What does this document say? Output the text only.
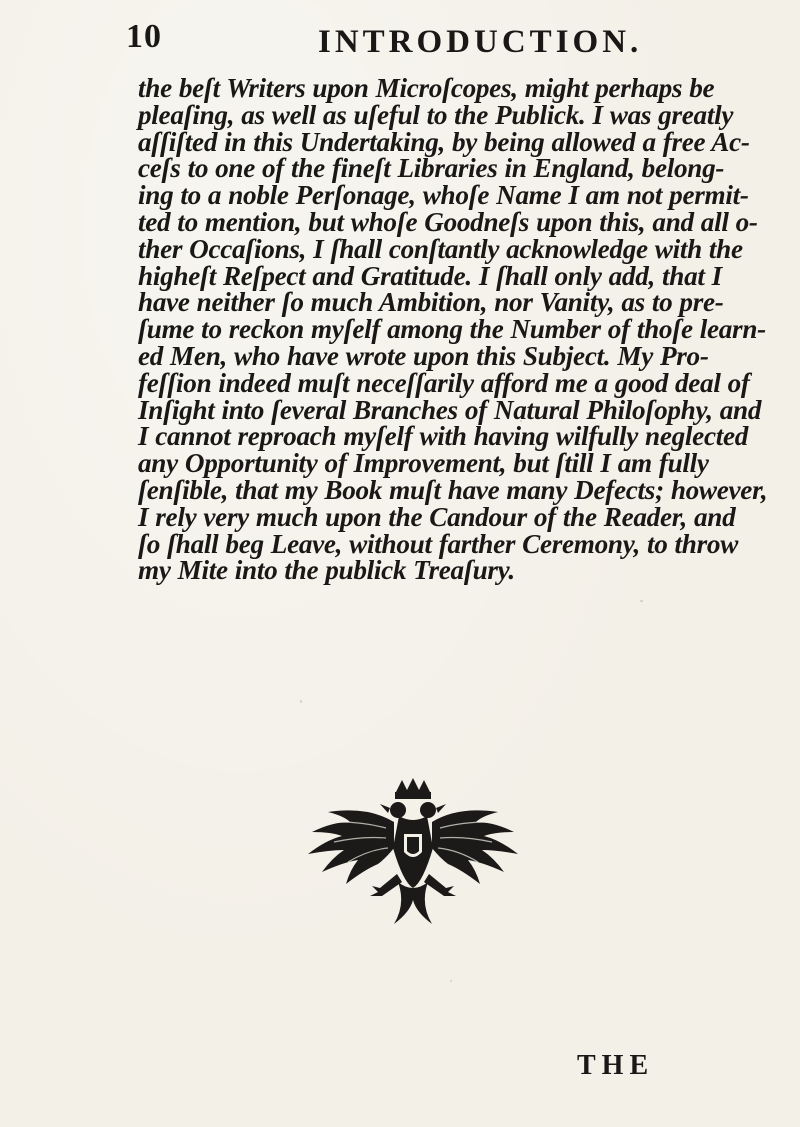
10	INTRODUCTION.
the beſt Writers upon Microſcopes, might perhaps be
pleaſing, as well as uſeful to the Publick. I was greatly
aſſiſted in this Undertaking, by being allowed a free Ac-
ceſs to one of the fineſt Libraries in England, belong-
ing to a noble Perſonage, whoſe Name I am not permit-
ted to mention, but whoſe Goodneſs upon this, and all o-
ther Occaſions, I ſhall conſtantly acknowledge with the
higheſt Reſpect and Gratitude. I ſhall only add, that I
have neither ſo much Ambition, nor Vanity, as to pre-
ſume to reckon myſelf among the Number of thoſe learn-
ed Men, who have wrote upon this Subject. My Pro-
feſſion indeed muſt neceſſarily afford me a good deal of
Inſight into ſeveral Branches of Natural Philoſophy, and
I cannot reproach myſelf with having wilfully neglected
any Opportunity of Improvement, but ſtill I am fully
ſenſible, that my Book muſt have many Defects; however,
I rely very much upon the Candour of the Reader, and
ſo ſhall beg Leave, without farther Ceremony, to throw
my Mite into the publick Treaſury.
THE
